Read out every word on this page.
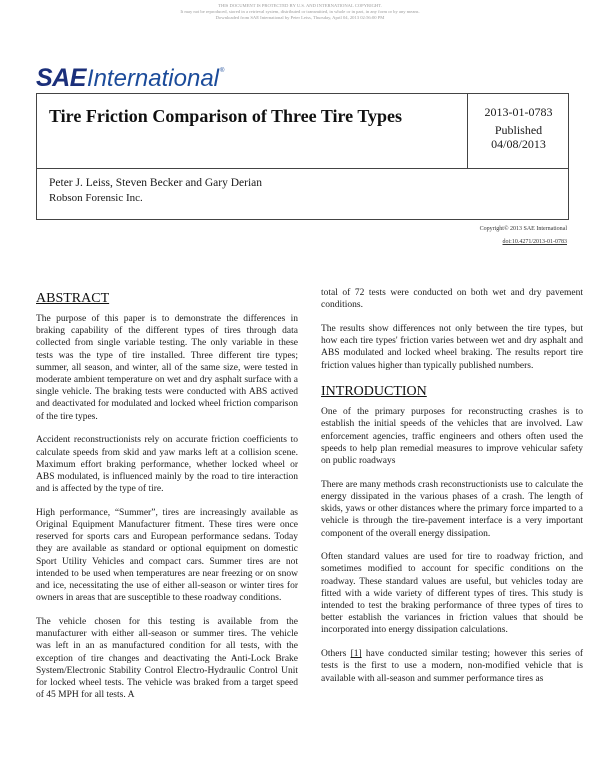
THIS DOCUMENT IS PROTECTED BY U.S. AND INTERNATIONAL COPYRIGHT.
It may not be reproduced, stored in a retrieval system, distributed or transmitted, in whole or in part, in any form or by any means.
Downloaded from SAE International by Peter Leiss, Thursday, April 04, 2013 02:56:00 PM
SAE International ®
Tire Friction Comparison of Three Tire Types	2013-01-0783
Published
04/08/2013
Peter J. Leiss, Steven Becker and Gary Derian
Robson Forensic Inc.
Copyright© 2013 SAE International
doi:10.4271/2013-01-0783
ABSTRACT

The purpose of this paper is to demonstrate the differences in braking capability of the different types of tires through data collected from single variable testing. The only variable in these tests was the type of tire installed. Three different tire types; summer, all season, and winter, all of the same size, were tested in moderate ambient temperature on wet and dry asphalt surface with a single vehicle. The braking tests were conducted with ABS actived and deactivated for modulated and locked wheel friction comparison of the tire types.

Accident reconstructionists rely on accurate friction coefficients to calculate speeds from skid and yaw marks left at a collision scene. Maximum effort braking performance, whether locked wheel or ABS modulated, is influenced mainly by the road to tire interaction and is affected by the type of tire.

High performance, “Summer”, tires are increasingly available as Original Equipment Manufacturer fitment. These tires were once reserved for sports cars and European performance sedans. Today they are available as standard or optional equipment on domestic Sport Utility Vehicles and compact cars. Summer tires are not intended to be used when temperatures are near freezing or on snow and ice, necessitating the use of either all-season or winter tires for owners in areas that are susceptible to these roadway conditions.

The vehicle chosen for this testing is available from the manufacturer with either all-season or summer tires. The vehicle was left in an as manufactured condition for all tests, with the exception of tire changes and deactivating the Anti-Lock Brake System/Electronic Stability Control Electro-Hydraulic Control Unit for locked wheel tests. The vehicle was braked from a target speed of 45 MPH for all tests. A

total of 72 tests were conducted on both wet and dry pavement conditions.

The results show differences not only between the tire types, but how each tire types' friction varies between wet and dry asphalt and ABS modulated and locked wheel braking. The results report tire friction values higher than typically published numbers.

INTRODUCTION

One of the primary purposes for reconstructing crashes is to establish the initial speeds of the vehicles that are involved. Law enforcement agencies, traffic engineers and others often used the speeds to help plan remedial measures to improve vehicular safety on public roadways

There are many methods crash reconstructionists use to calculate the energy dissipated in the various phases of a crash. The length of skids, yaws or other distances where the primary force imparted to a vehicle is through the tire-pavement interface is a very important component of the overall energy dissipation.

Often standard values are used for tire to roadway friction, and sometimes modified to account for specific conditions on the roadway. These standard values are useful, but vehicles today are fitted with a wide variety of different types of tires. This study is intended to test the braking performance of three types of tires to better establish the variances in friction values that should be incorporated into energy dissipation calculations.

Others [1] have conducted similar testing; however this series of tests is the first to use a modern, non-modified vehicle that is available with all-season and summer performance tires as
